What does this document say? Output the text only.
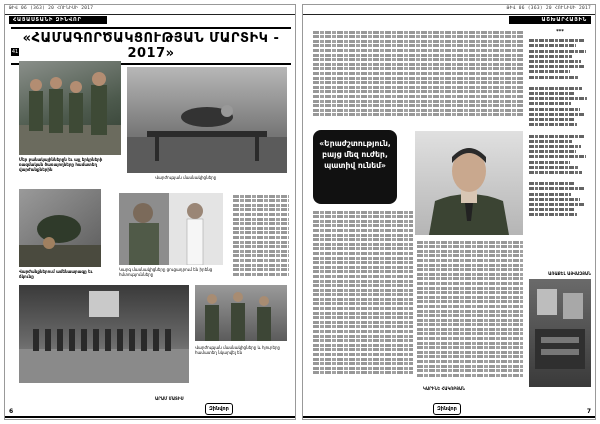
ԹԻՎ 06 (363) 20 ՀՈՒՆԻՍԻ 2017
ՀԱՅԱՍՏԱՆԻ ԶԻՆՎՈՐ
«ՀԱՄԱԳՈՐԾԱԿՑՈՒԹՅԱՆ ՄԱՐՏԻԿ - 2017»
41
Մեր բանակայիններըն եւ այլ երկրների ռազմական ծառայողները համատեղ վարժանքներին
Վարժության մասնակիցները
Վարժանքներում ամենաարագը եւ ճկունը
Կարգ մասնակիցները ցուցադրում են իրենց հմտությունները
Վարժության մասնակիցները և հյուրերը համատեղ նկարվել են
6
ԱՐԱՄ ՄԱՏԻՍ
Զինվոր
ԹԻՎ 06 (363) 20 ՀՈՒՆԻՍԻ 2017
ԱՇԽԱՐՀԱՅԻՆ
«Երաժշտություն,
բայց մեզ ուժեր,
պատիվ ունեմ»
***
ԱՌԱՔԵԼ ԱՅՎԱԶՅԱՆ
ԿԱՐԻՆԵ ՀԱԿՈԲՅԱՆ
Զինվոր	7
